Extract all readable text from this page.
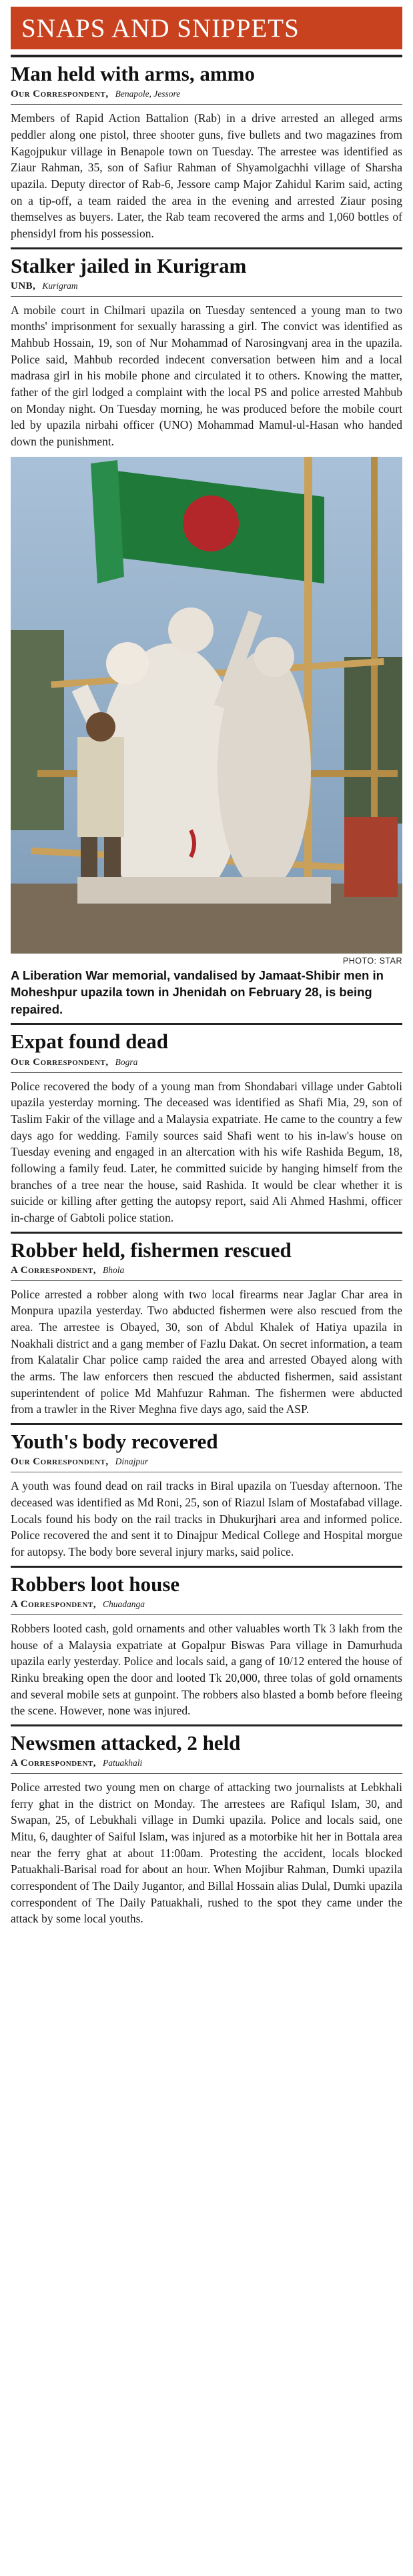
SNAPS AND SNIPPETS
Man held with arms, ammo
Our Correspondent, Benapole, Jessore

Members of Rapid Action Battalion (Rab) in a drive arrested an alleged arms peddler along one pistol, three shooter guns, five bullets and two magazines from Kagojpukur village in Benapole town on Tuesday. The arrestee was identified as Ziaur Rahman, 35, son of Safiur Rahman of Shyamolgachhi village of Sharsha upazila. Deputy director of Rab-6, Jessore camp Major Zahidul Karim said, acting on a tip-off, a team raided the area in the evening and arrested Ziaur posing themselves as buyers. Later, the Rab team recovered the arms and 1,060 bottles of phensidyl from his possession.

Stalker jailed in Kurigram
UNB, Kurigram

A mobile court in Chilmari upazila on Tuesday sentenced a young man to two months' imprisonment for sexually harassing a girl. The convict was identified as Mahbub Hossain, 19, son of Nur Mohammad of Narosingvanj area in the upazila. Police said, Mahbub recorded indecent conversation between him and a local madrasa girl in his mobile phone and circulated it to others. Knowing the matter, father of the girl lodged a complaint with the local PS and police arrested Mahbub on Monday night. On Tuesday morning, he was produced before the mobile court led by upazila nirbahi officer (UNO) Mohammad Mamul-ul-Hasan who handed down the punishment.

PHOTO: STAR

A Liberation War memorial, vandalised by Jamaat-Shibir men in Moheshpur upazila town in Jhenidah on February 28, is being repaired.

Expat found dead
Our Correspondent, Bogra

Police recovered the body of a young man from Shondabari village under Gabtoli upazila yesterday morning. The deceased was identified as Shafi Mia, 29, son of Taslim Fakir of the village and a Malaysia expatriate. He came to the country a few days ago for wedding. Family sources said Shafi went to his in-law's house on Tuesday evening and engaged in an altercation with his wife Rashida Begum, 18, following a family feud. Later, he committed suicide by hanging himself from the branches of a tree near the house, said Rashida. It would be clear whether it is suicide or killing after getting the autopsy report, said Ali Ahmed Hashmi, officer in-charge of Gabtoli police station.

Robber held, fishermen rescued
A Correspondent, Bhola

Police arrested a robber along with two local firearms near Jaglar Char area in Monpura upazila yesterday. Two abducted fishermen were also rescued from the area. The arrestee is Obayed, 30, son of Abdul Khalek of Hatiya upazila in Noakhali district and a gang member of Fazlu Dakat. On secret information, a team from Kalatalir Char police camp raided the area and arrested Obayed along with the arms. The law enforcers then rescued the abducted fishermen, said assistant superintendent of police Md Mahfuzur Rahman. The fishermen were abducted from a trawler in the River Meghna five days ago, said the ASP.

Youth's body recovered
Our Correspondent, Dinajpur

A youth was found dead on rail tracks in Biral upazila on Tuesday afternoon. The deceased was identified as Md Roni, 25, son of Riazul Islam of Mostafabad village. Locals found his body on the rail tracks in Dhukurjhari area and informed police. Police recovered the and sent it to Dinajpur Medical College and Hospital morgue for autopsy. The body bore several injury marks, said police.

Robbers loot house
A Correspondent, Chuadanga

Robbers looted cash, gold ornaments and other valuables worth Tk 3 lakh from the house of a Malaysia expatriate at Gopalpur Biswas Para village in Damurhuda upazila early yesterday. Police and locals said, a gang of 10/12 entered the house of Rinku breaking open the door and looted Tk 20,000, three tolas of gold ornaments and several mobile sets at gunpoint. The robbers also blasted a bomb before fleeing the scene. However, none was injured.

Newsmen attacked, 2 held
A Correspondent, Patuakhali

Police arrested two young men on charge of attacking two journalists at Lebkhali ferry ghat in the district on Monday. The arrestees are Rafiqul Islam, 30, and Swapan, 25, of Lebukhali village in Dumki upazila. Police and locals said, one Mitu, 6, daughter of Saiful Islam, was injured as a motorbike hit her in Bottala area near the ferry ghat at about 11:00am. Protesting the accident, locals blocked Patuakhali-Barisal road for about an hour. When Mojibur Rahman, Dumki upazila correspondent of The Daily Jugantor, and Billal Hossain alias Dulal, Dumki upazila correspondent of The Daily Patuakhali, rushed to the spot they came under the attack by some local youths.
